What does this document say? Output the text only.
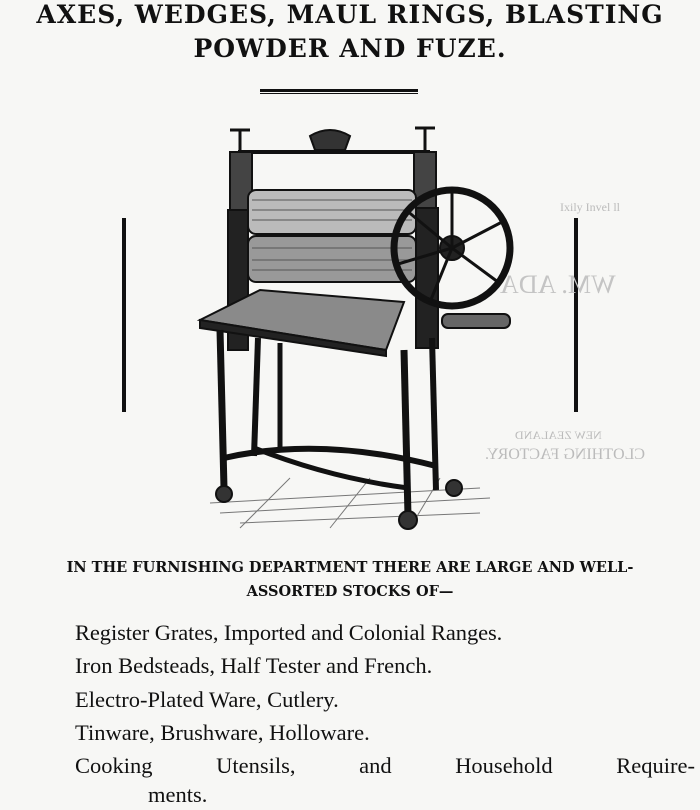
AXES, WEDGES, MAUL RINGS, BLASTING
POWDER AND FUZE.
Ixily Invel ll
WM. ADA
NEW ZEALAND
CLOTHING FACTORY.
IN THE FURNISHING DEPARTMENT THERE ARE LARGE AND WELL-
ASSORTED STOCKS OF—
Register Grates, Imported and Colonial Ranges.
Iron Bedsteads, Half Tester and French.
Electro-Plated Ware, Cutlery.
Tinware, Brushware, Holloware.
Cooking	Utensils,	and	Household	Require-
ments.
